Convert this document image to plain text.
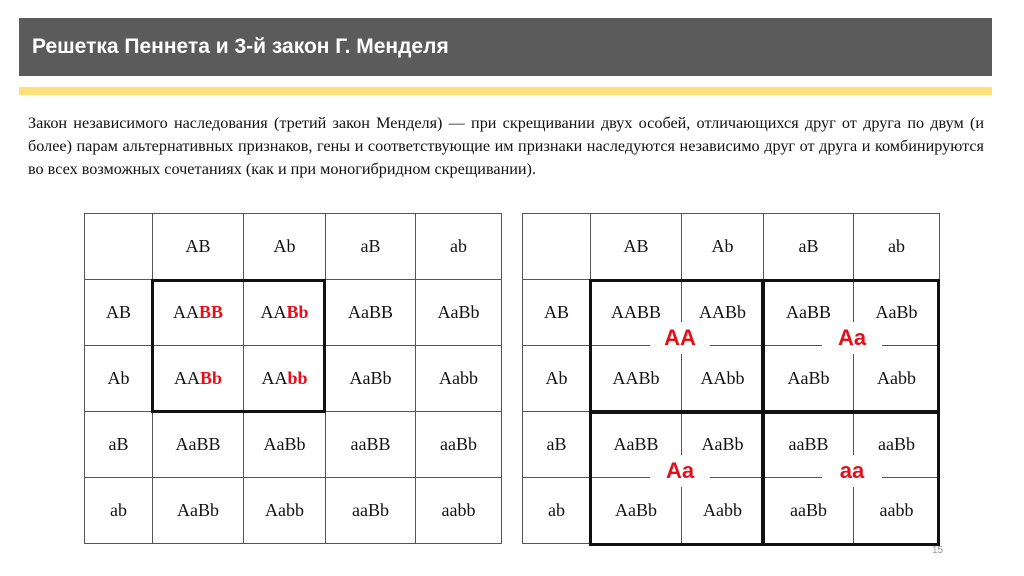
Решетка Пеннета и 3-й закон Г. Менделя

Закон независимого наследования (третий закон Менделя) — при скрещивании двух особей, отличающихся друг от друга по двум (и более) парам альтернативных признаков, гены и соответствующие им признаки наследуются независимо друг от друга и комбинируются во всех возможных сочетаниях (как и при моногибридном скрещивании).

	AB	Ab	aB	ab
AB	AABB	AABb	AaBB	AaBb
Ab	AABb	AAbb	AaBb	Aabb
aB	AaBB	AaBb	aaBB	aaBb
ab	AaBb	Aabb	aaBb	aabb
	AB	Ab	aB	ab
AB	AABB	AABb	AaBB	AaBb
Ab	AABb	AAbb	AaBb	Aabb
aB	AaBB	AaBb	aaBB	aaBb
ab	AaBb	Aabb	aaBb	aabb
AA	Aa
Aa	aa
15
